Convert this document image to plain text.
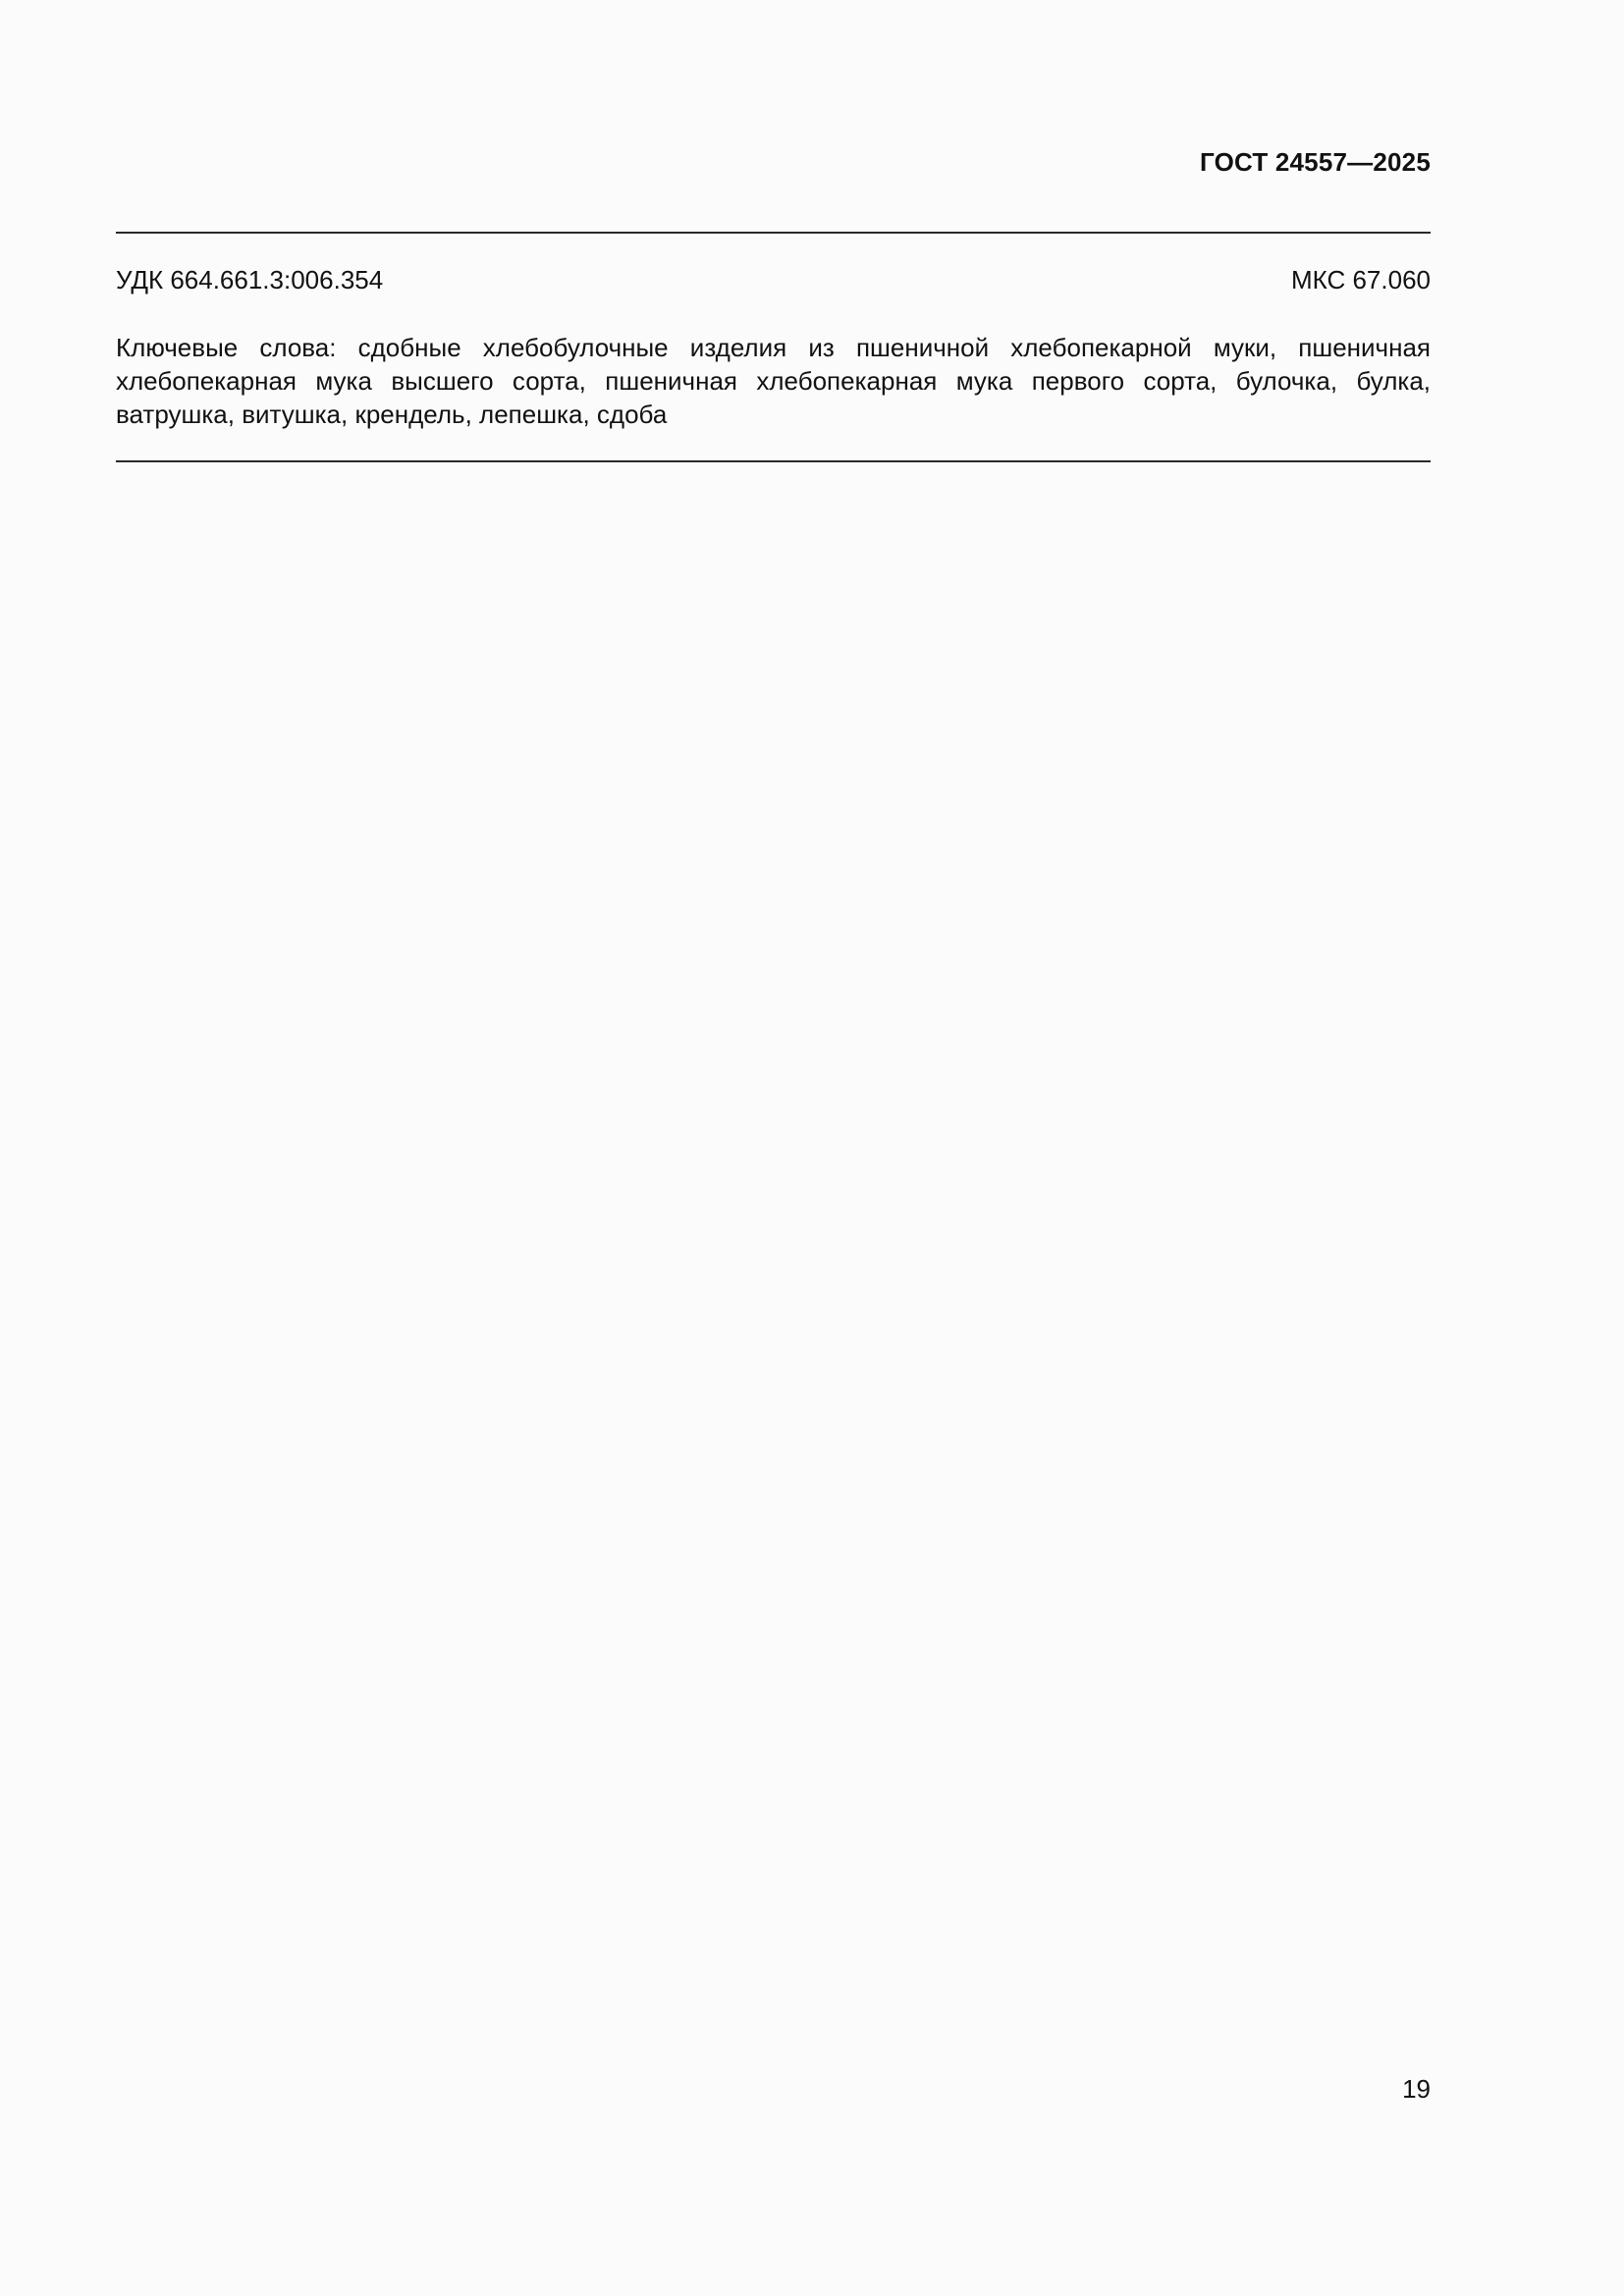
ГОСТ 24557—2025
УДК 664.661.3:006.354	МКС 67.060

Ключевые слова: сдобные хлебобулочные изделия из пшеничной хлебопекарной муки, пшеничная хлебопекарная мука высшего сорта, пшеничная хлебопекарная мука первого сорта, булочка, булка, ватрушка, витушка, крендель, лепешка, сдоба

19
